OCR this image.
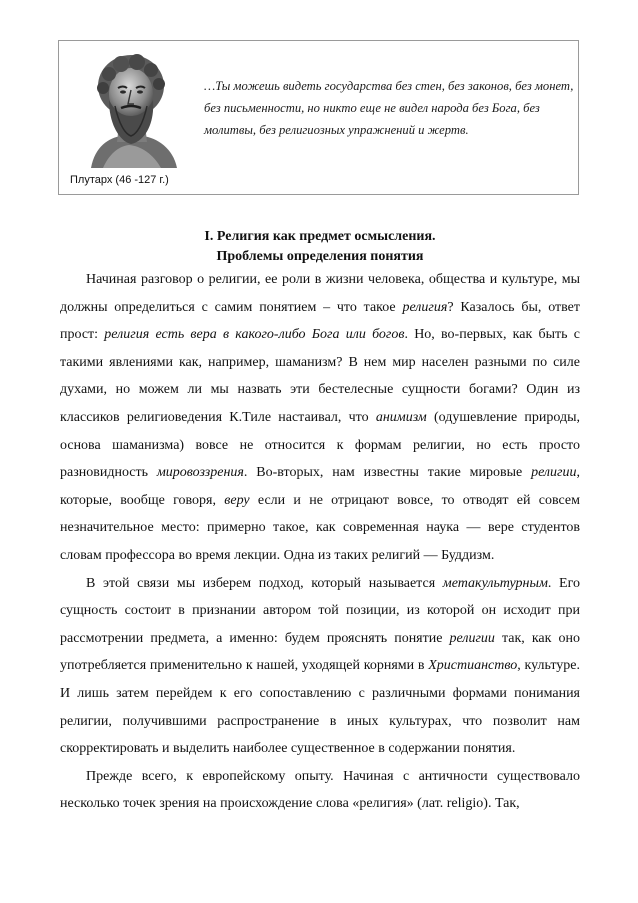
Плутарх (46 -127 г.)

…Ты можешь видеть государства без стен, без законов, без монет, без письменности, но никто еще не видел народа без Бога, без молитвы, без религиозных упражнений и жертв.

I. Религия как предмет осмысления.
Проблемы определения понятия

Начиная разговор о религии, ее роли в жизни человека, общества и культуре, мы должны определиться с самим понятием – что такое религия? Казалось бы, ответ прост: религия есть вера в какого-либо Бога или богов. Но, во-первых, как быть с такими явлениями как, например, шаманизм? В нем мир населен разными по силе духами, но можем ли мы назвать эти бестелесные сущности богами? Один из классиков религиоведения К.Тиле настаивал, что анимизм (одушевление природы, основа шаманизма) вовсе не относится к формам религии, но есть просто разновидность мировоззрения. Во-вторых, нам известны такие мировые религии, которые, вообще говоря, веру если и не отрицают вовсе, то отводят ей совсем незначительное место: примерно такое, как современная наука — вере студентов словам профессора во время лекции. Одна из таких религий — Буддизм.

В этой связи мы изберем подход, который называется метакультурным. Его сущность состоит в признании автором той позиции, из которой он исходит при рассмотрении предмета, а именно: будем прояснять понятие религии так, как оно употребляется применительно к нашей, уходящей корнями в Христианство, культуре. И лишь затем перейдем к его сопоставлению с различными формами понимания религии, получившими распространение в иных культурах, что позволит нам скорректировать и выделить наиболее существенное в содержании понятия.

Прежде всего, к европейскому опыту. Начиная с античности существовало несколько точек зрения на происхождение слова «религия» (лат. religio). Так,
